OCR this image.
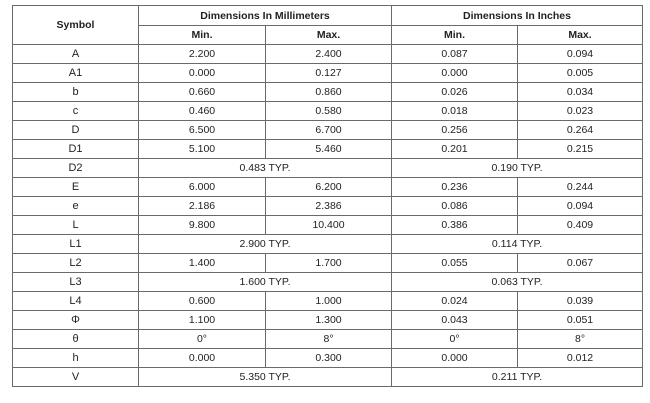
Symbol	Dimensions In Millimeters		Dimensions In Inches	
	Min.	Max.	Min.	Max.
A	2.200	2.400	0.087	0.094
A1	0.000	0.127	0.000	0.005
b	0.660	0.860	0.026	0.034
c	0.460	0.580	0.018	0.023
D	6.500	6.700	0.256	0.264
D1	5.100	5.460	0.201	0.215
D2	0.483 TYP.		0.190 TYP.	
E	6.000	6.200	0.236	0.244
e	2.186	2.386	0.086	0.094
L	9.800	10.400	0.386	0.409
L1	2.900 TYP.		0.114 TYP.	
L2	1.400	1.700	0.055	0.067
L3	1.600 TYP.		0.063 TYP.	
L4	0.600	1.000	0.024	0.039
Φ	1.100	1.300	0.043	0.051
θ	0°	8°	0°	8°
h	0.000	0.300	0.000	0.012
V	5.350 TYP.		0.211 TYP.	
